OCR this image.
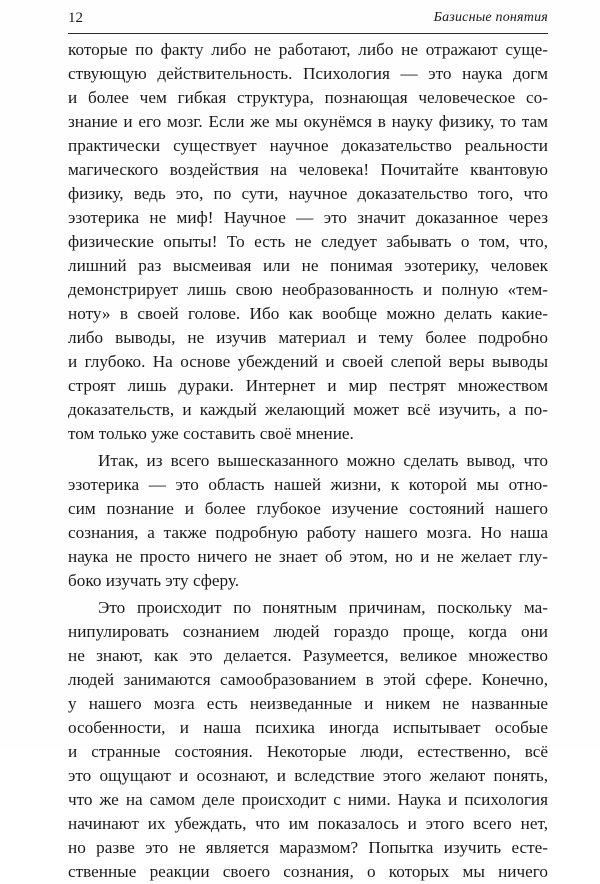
12	Базисные понятия
которые по факту либо не работают, либо не отражают суще-
ствующую действительность. Психология — это наука догм
и более чем гибкая структура, познающая человеческое со-
знание и его мозг. Если же мы окунёмся в науку физику, то там
практически существует научное доказательство реальности
магического воздействия на человека! Почитайте квантовую
физику, ведь это, по сути, научное доказательство того, что
эзотерика не миф! Научное — это значит доказанное через
физические опыты! То есть не следует забывать о том, что,
лишний раз высмеивая или не понимая эзотерику, человек
демонстрирует лишь свою необразованность и полную «тем-
ноту» в своей голове. Ибо как вообще можно делать какие-
либо выводы, не изучив материал и тему более подробно
и глубоко. На основе убеждений и своей слепой веры выводы
строят лишь дураки. Интернет и мир пестрят множеством
доказательств, и каждый желающий может всё изучить, а по-
том только уже составить своё мнение.
Итак, из всего вышесказанного можно сделать вывод, что
эзотерика — это область нашей жизни, к которой мы отно-
сим познание и более глубокое изучение состояний нашего
сознания, а также подробную работу нашего мозга. Но наша
наука не просто ничего не знает об этом, но и не желает глу-
боко изучать эту сферу.
Это происходит по понятным причинам, поскольку ма-
нипулировать сознанием людей гораздо проще, когда они
не знают, как это делается. Разумеется, великое множество
людей занимаются самообразованием в этой сфере. Конечно,
у нашего мозга есть неизведанные и никем не названные
особенности, и наша психика иногда испытывает особые
и странные состояния. Некоторые люди, естественно, всё
это ощущают и осознают, и вследствие этого желают понять,
что же на самом деле происходит с ними. Наука и психология
начинают их убеждать, что им показалось и этого всего нет,
но разве это не является маразмом? Попытка изучить есте-
ственные реакции своего сознания, о которых мы ничего
